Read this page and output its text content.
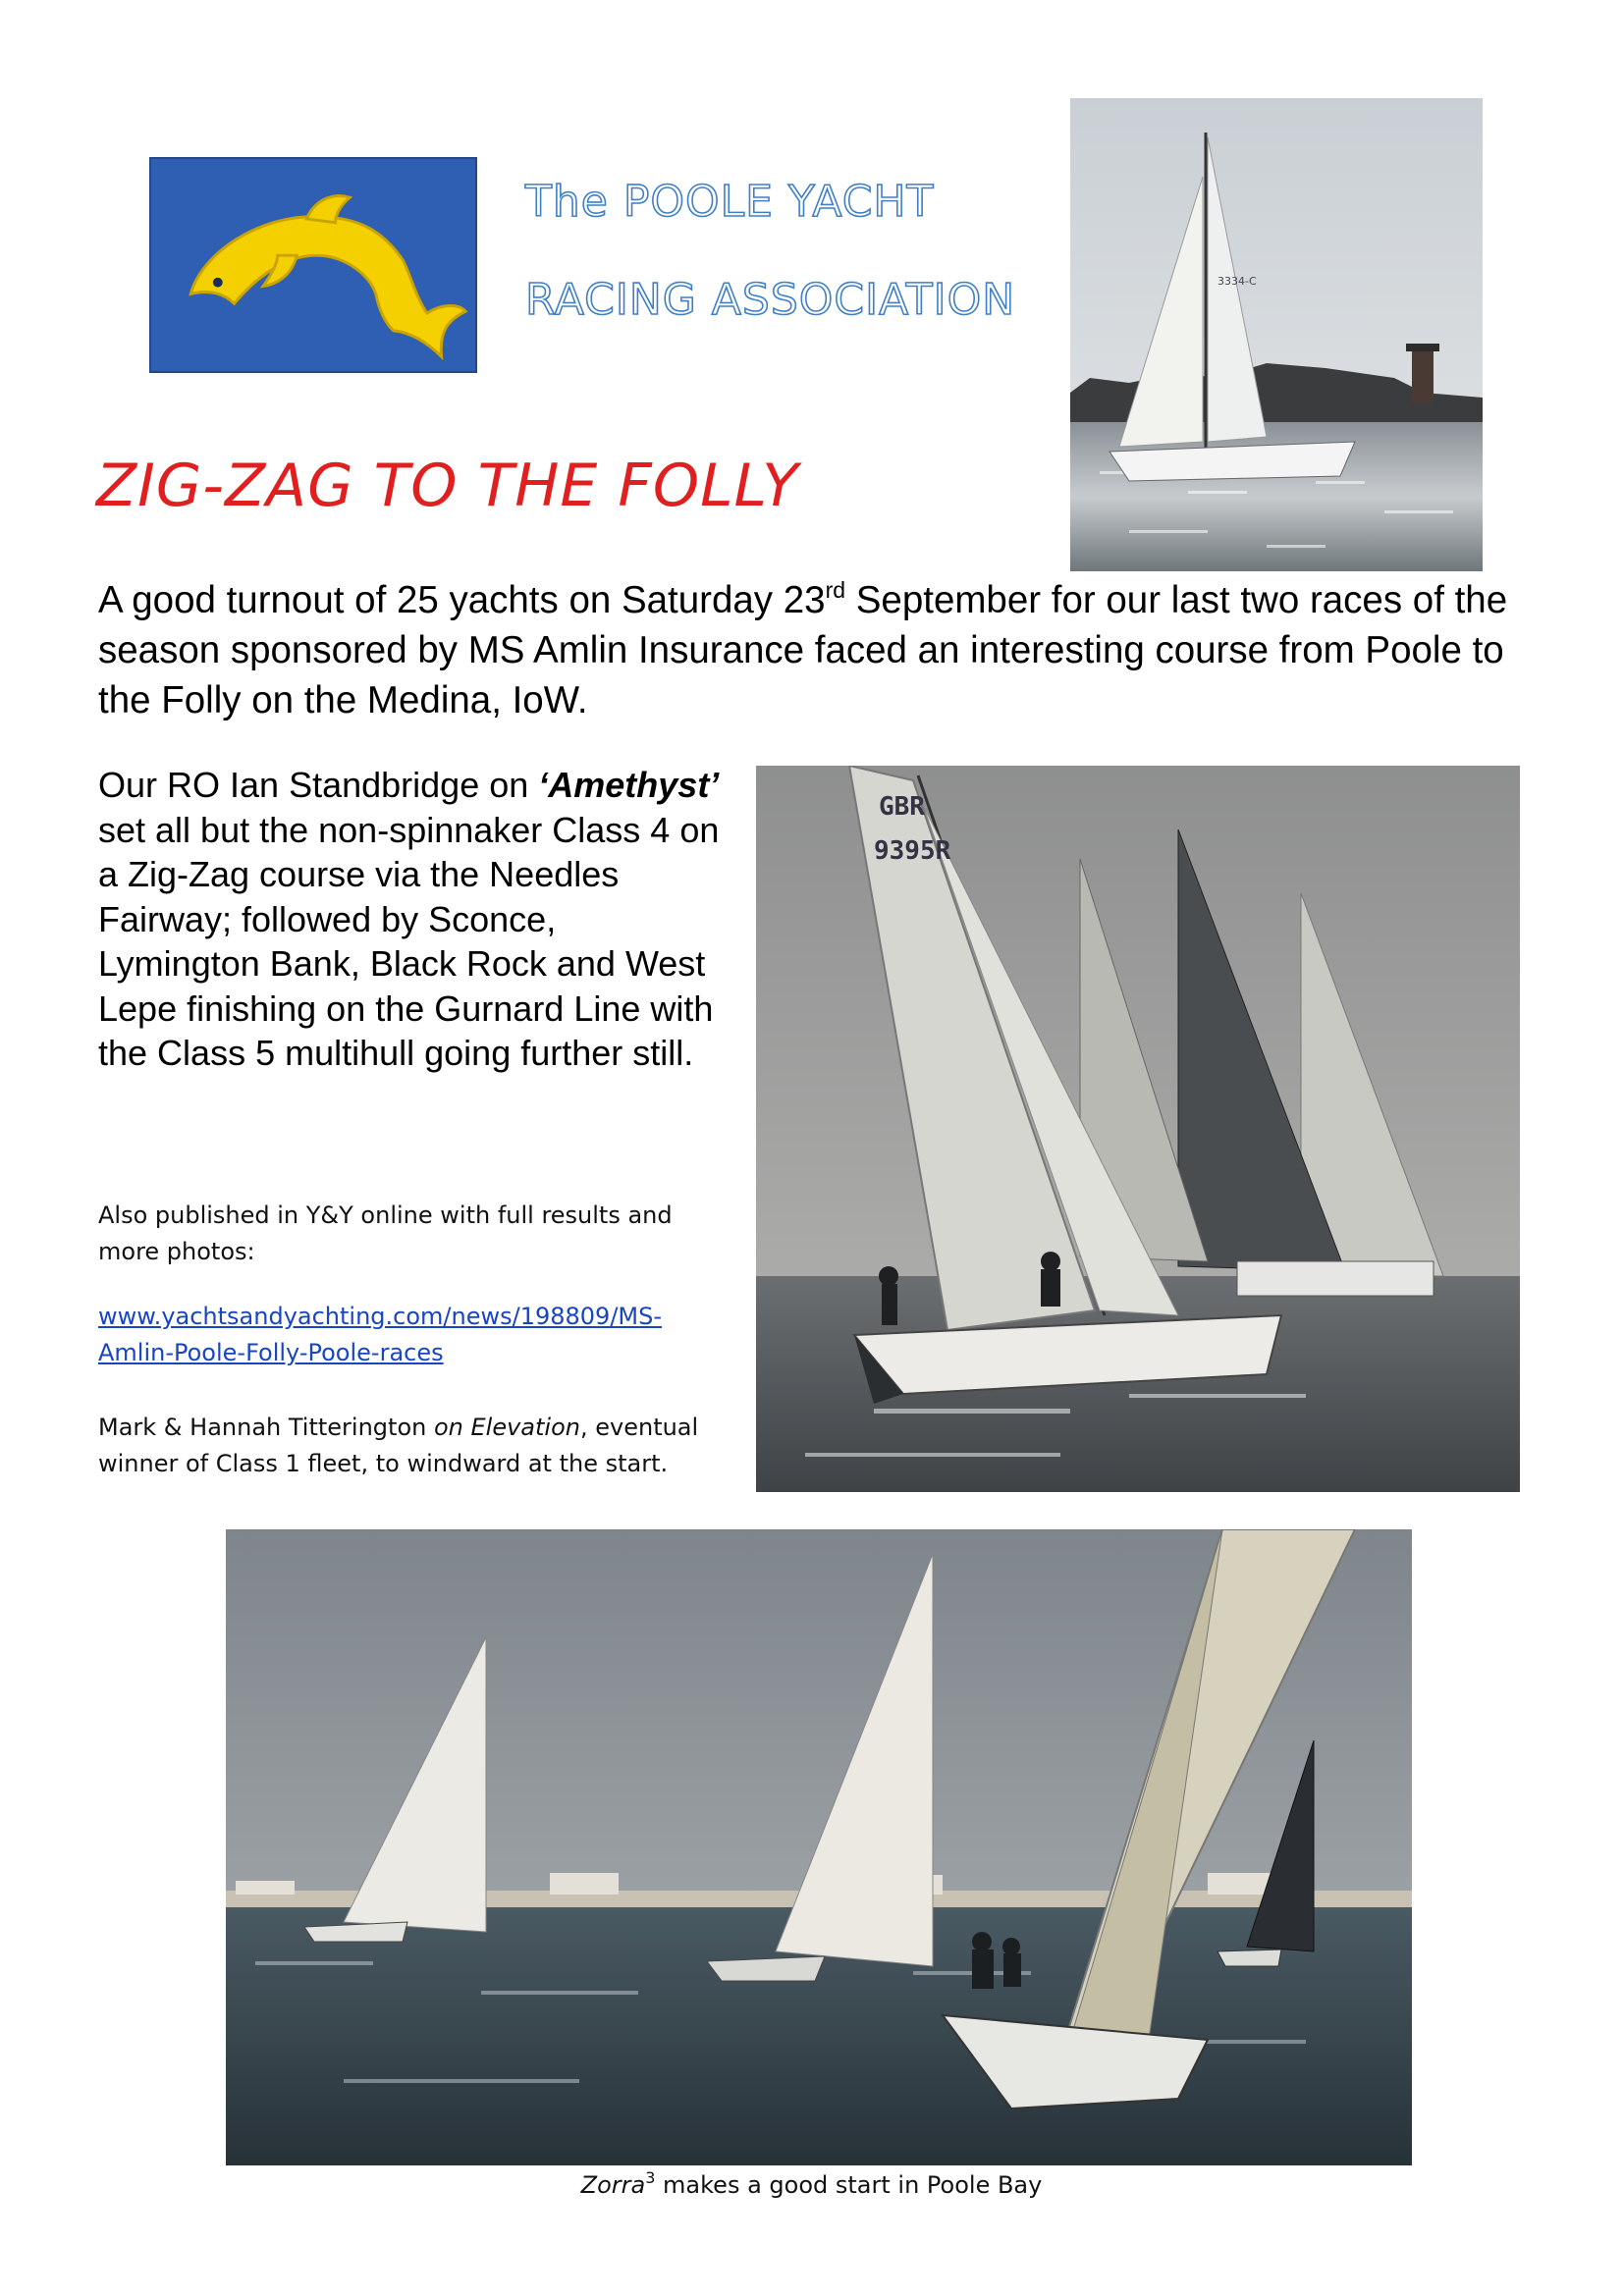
The POOLE YACHT
RACING ASSOCIATION	3334-C
ZIG-ZAG TO THE FOLLY
A good turnout of 25 yachts on Saturday 23rd September for our last two races of the season sponsored by MS Amlin Insurance faced an interesting course from Poole to the Folly on the Medina, IoW.
Our RO Ian Standbridge on ‘Amethyst’ set all but the non-spinnaker Class 4 on a Zig-Zag course via the Needles Fairway; followed by Sconce, Lymington Bank, Black Rock and West Lepe finishing on the Gurnard Line with the Class 5 multihull going further still.
Also published in Y&Y online with full results and more photos:
www.yachtsandyachting.com/news/198809/MS-
Amlin-Poole-Folly-Poole-races
Mark & Hannah Titterington on Elevation, eventual winner of Class 1 fleet, to windward at the start.
GBR
9395R
Zorra$^3$ makes a good start in Poole Bay
